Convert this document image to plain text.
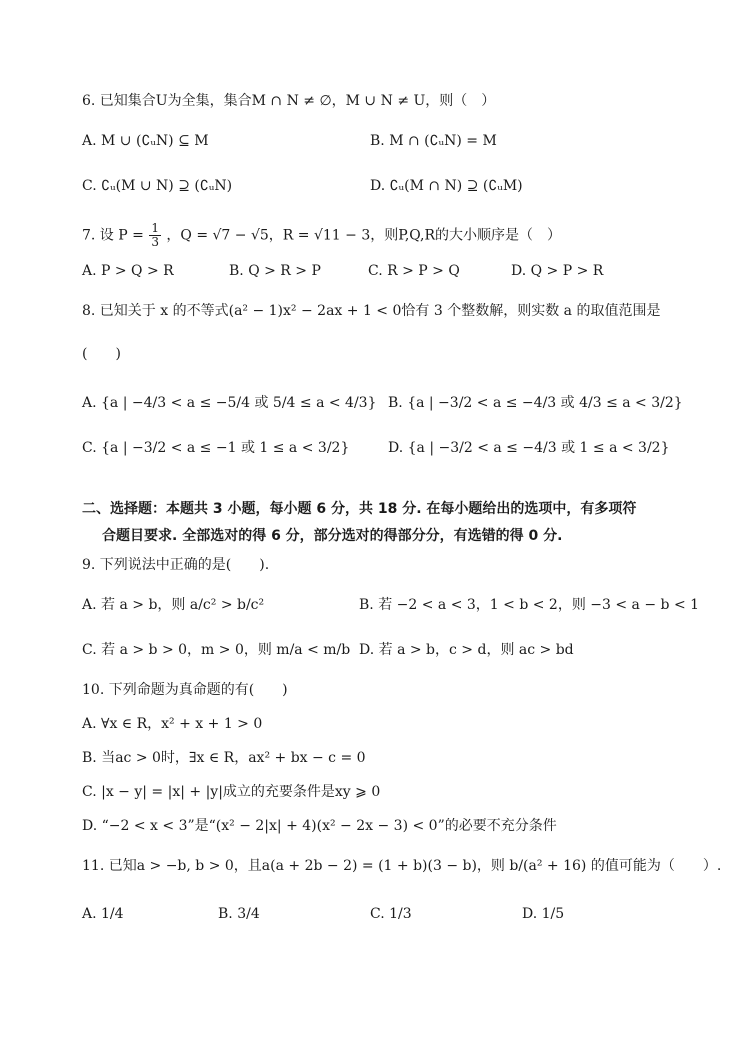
6. 已知集合U为全集，集合M ∩ N ≠ ∅，M ∪ N ≠ U，则（　）
A. M ∪ (∁ᵤN) ⊆ M	B. M ∩ (∁ᵤN) = M
C. ∁ᵤ(M ∪ N) ⊇ (∁ᵤN)	D. ∁ᵤ(M ∩ N) ⊇ (∁ᵤM)
7. 设 $P = \frac{1}{3}$ ，Q = √7 − √5，R = √11 − 3，则P,Q,R的大小顺序是（　）
A. P > Q > R	B. Q > R > P	C. R > P > Q	D. Q > P > R
8. 已知关于 x 的不等式(a² − 1)x² − 2ax + 1 < 0恰有 3 个整数解，则实数 a 的取值范围是
(　　)
A. {a | −4/3 < a ≤ −5/4 或 5/4 ≤ a < 4/3} B. {a | −3/2 < a ≤ −4/3 或 4/3 ≤ a < 3/2}
C. {a | −3/2 < a ≤ −1 或 1 ≤ a < 3/2}	D. {a | −3/2 < a ≤ −4/3 或 1 ≤ a < 3/2}
二、选择题：本题共 3 小题，每小题 6 分，共 18 分. 在每小题给出的选项中，有多项符
合题目要求. 全部选对的得 6 分，部分选对的得部分分，有选错的得 0 分.
9. 下列说法中正确的是(　　).
A. 若 a > b，则 a/c² > b/c²	B. 若 −2 < a < 3，1 < b < 2，则 −3 < a − b < 1
C. 若 a > b > 0，m > 0，则 m/a < m/b D. 若 a > b，c > d，则 ac > bd
10. 下列命题为真命题的有(　　)
A. ∀x ∈ R，x² + x + 1 > 0
B. 当ac > 0时，∃x ∈ R，ax² + bx − c = 0
C. |x − y| = |x| + |y|成立的充要条件是xy ⩾ 0
D. “−2 < x < 3”是“(x² − 2|x| + 4)(x² − 2x − 3) < 0”的必要不充分条件
11. 已知a > −b, b > 0，且a(a + 2b − 2) = (1 + b)(3 − b)，则 b/(a² + 16) 的值可能为（　　）.
A. 1/4	B. 3/4	C. 1/3	D. 1/5
